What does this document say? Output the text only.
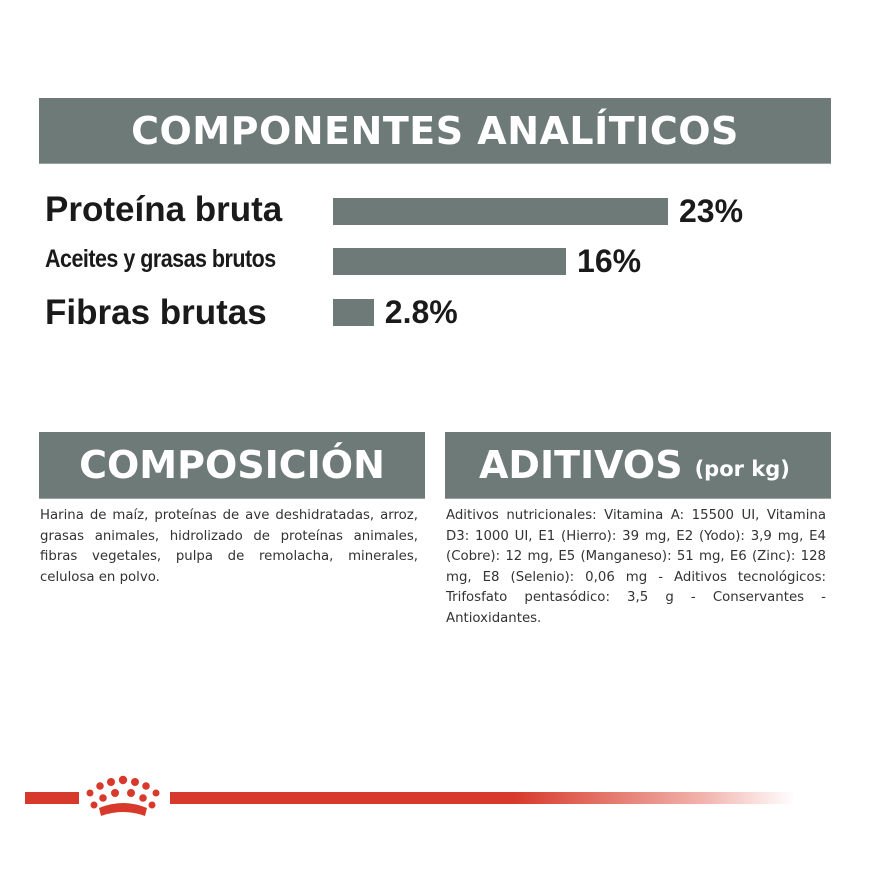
COMPONENTES ANALÍTICOS
Proteína bruta	23%
Aceites y grasas brutos	16%
Fibras brutas	2.8%
COMPOSICIÓN
Harina de maíz, proteínas de ave deshidratadas, arroz, grasas animales, hidrolizado de proteínas animales, fibras vegetales, pulpa de remolacha, minerales, celulosa en polvo.
ADITIVOS (por kg)
Aditivos nutricionales: Vitamina A: 15500 UI, Vitamina D3: 1000 UI, E1 (Hierro): 39 mg, E2 (Yodo): 3,9 mg, E4 (Cobre): 12 mg, E5 (Manganeso): 51 mg, E6 (Zinc): 128 mg, E8 (Selenio): 0,06 mg - Aditivos tecnológicos: Trifosfato pentasódico: 3,5 g - Conservantes - Antioxidantes.
